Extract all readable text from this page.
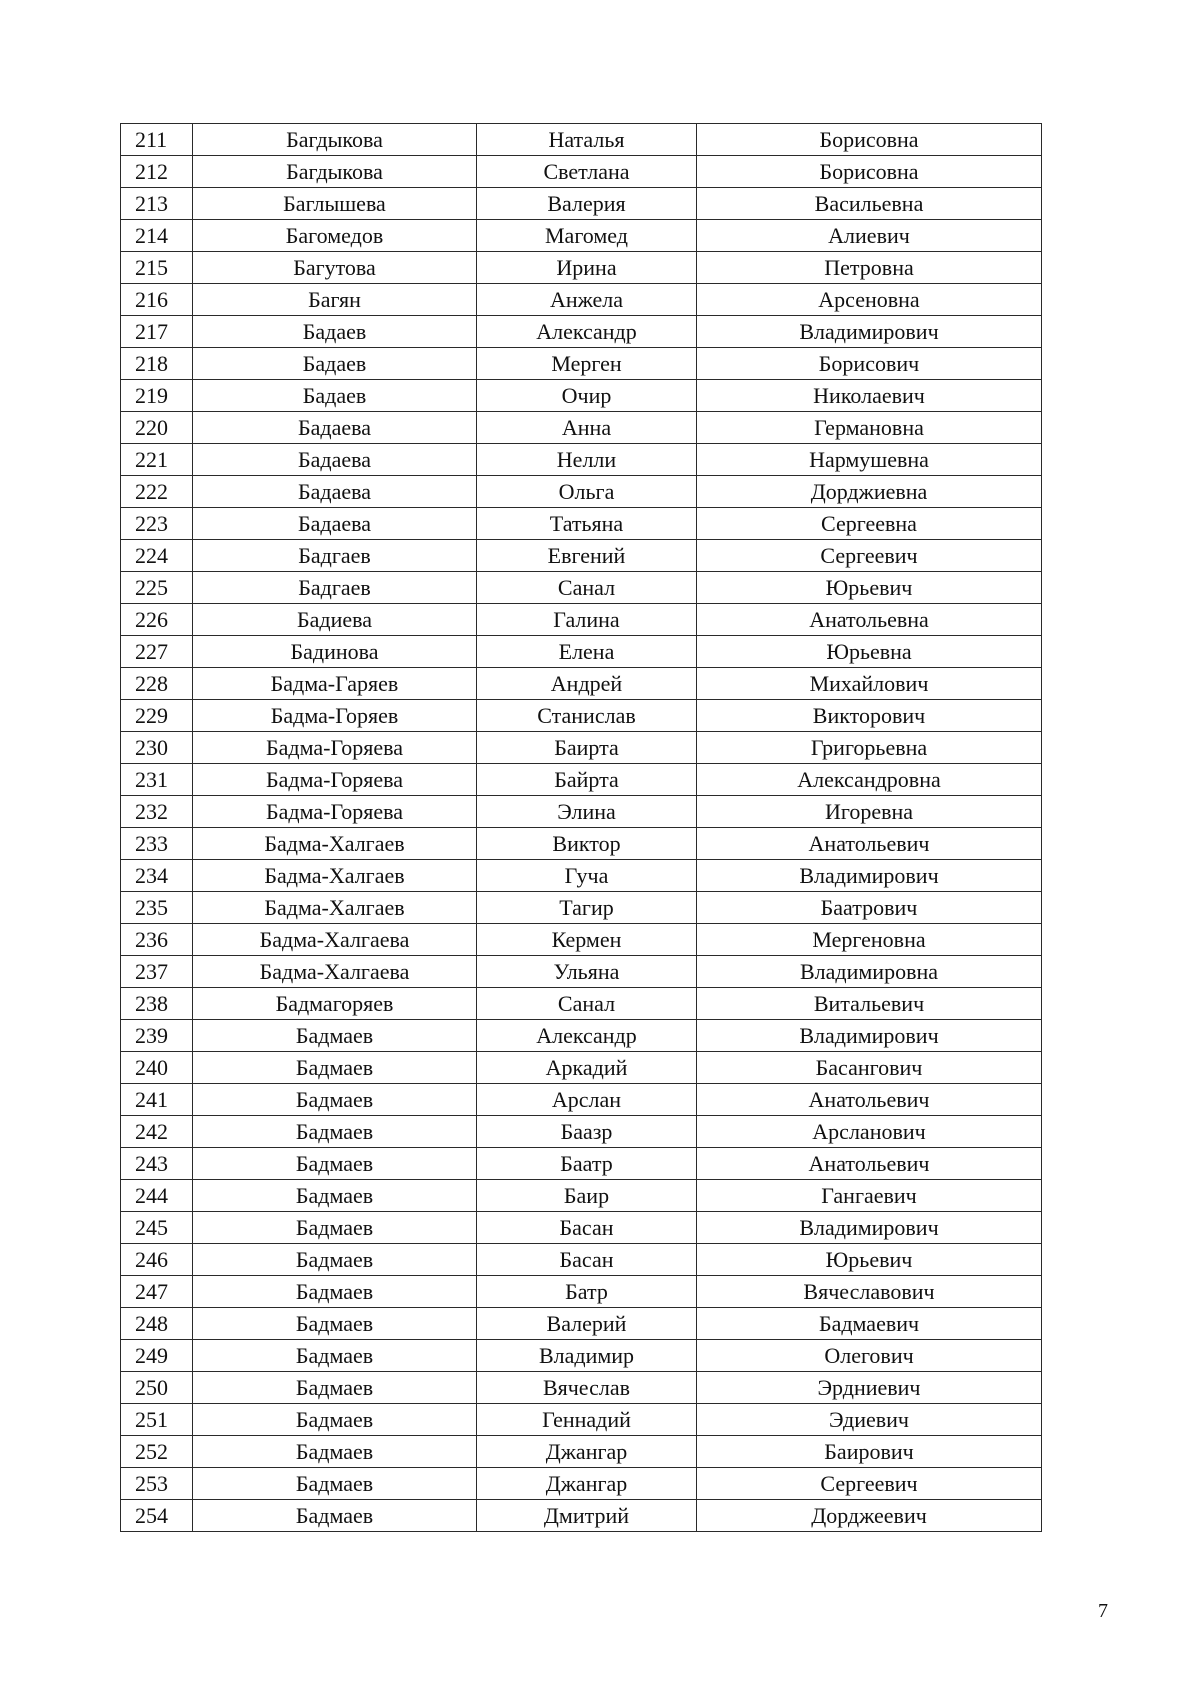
211	Багдыкова	Наталья	Борисовна
212	Багдыкова	Светлана	Борисовна
213	Баглышева	Валерия	Васильевна
214	Багомедов	Магомед	Алиевич
215	Багутова	Ирина	Петровна
216	Багян	Анжела	Арсеновна
217	Бадаев	Александр	Владимирович
218	Бадаев	Мерген	Борисович
219	Бадаев	Очир	Николаевич
220	Бадаева	Анна	Германовна
221	Бадаева	Нелли	Нармушевна
222	Бадаева	Ольга	Дорджиевна
223	Бадаева	Татьяна	Сергеевна
224	Бадгаев	Евгений	Сергеевич
225	Бадгаев	Санал	Юрьевич
226	Бадиева	Галина	Анатольевна
227	Бадинова	Елена	Юрьевна
228	Бадма-Гаряев	Андрей	Михайлович
229	Бадма-Горяев	Станислав	Викторович
230	Бадма-Горяева	Баирта	Григорьевна
231	Бадма-Горяева	Байрта	Александровна
232	Бадма-Горяева	Элина	Игоревна
233	Бадма-Халгаев	Виктор	Анатольевич
234	Бадма-Халгаев	Гуча	Владимирович
235	Бадма-Халгаев	Тагир	Баатрович
236	Бадма-Халгаева	Кермен	Мергеновна
237	Бадма-Халгаева	Ульяна	Владимировна
238	Бадмагоряев	Санал	Витальевич
239	Бадмаев	Александр	Владимирович
240	Бадмаев	Аркадий	Басангович
241	Бадмаев	Арслан	Анатольевич
242	Бадмаев	Баазр	Арсланович
243	Бадмаев	Баатр	Анатольевич
244	Бадмаев	Баир	Гангаевич
245	Бадмаев	Басан	Владимирович
246	Бадмаев	Басан	Юрьевич
247	Бадмаев	Батр	Вячеславович
248	Бадмаев	Валерий	Бадмаевич
249	Бадмаев	Владимир	Олегович
250	Бадмаев	Вячеслав	Эрдниевич
251	Бадмаев	Геннадий	Эдиевич
252	Бадмаев	Джангар	Баирович
253	Бадмаев	Джангар	Сергеевич
254	Бадмаев	Дмитрий	Дорджеевич
7
